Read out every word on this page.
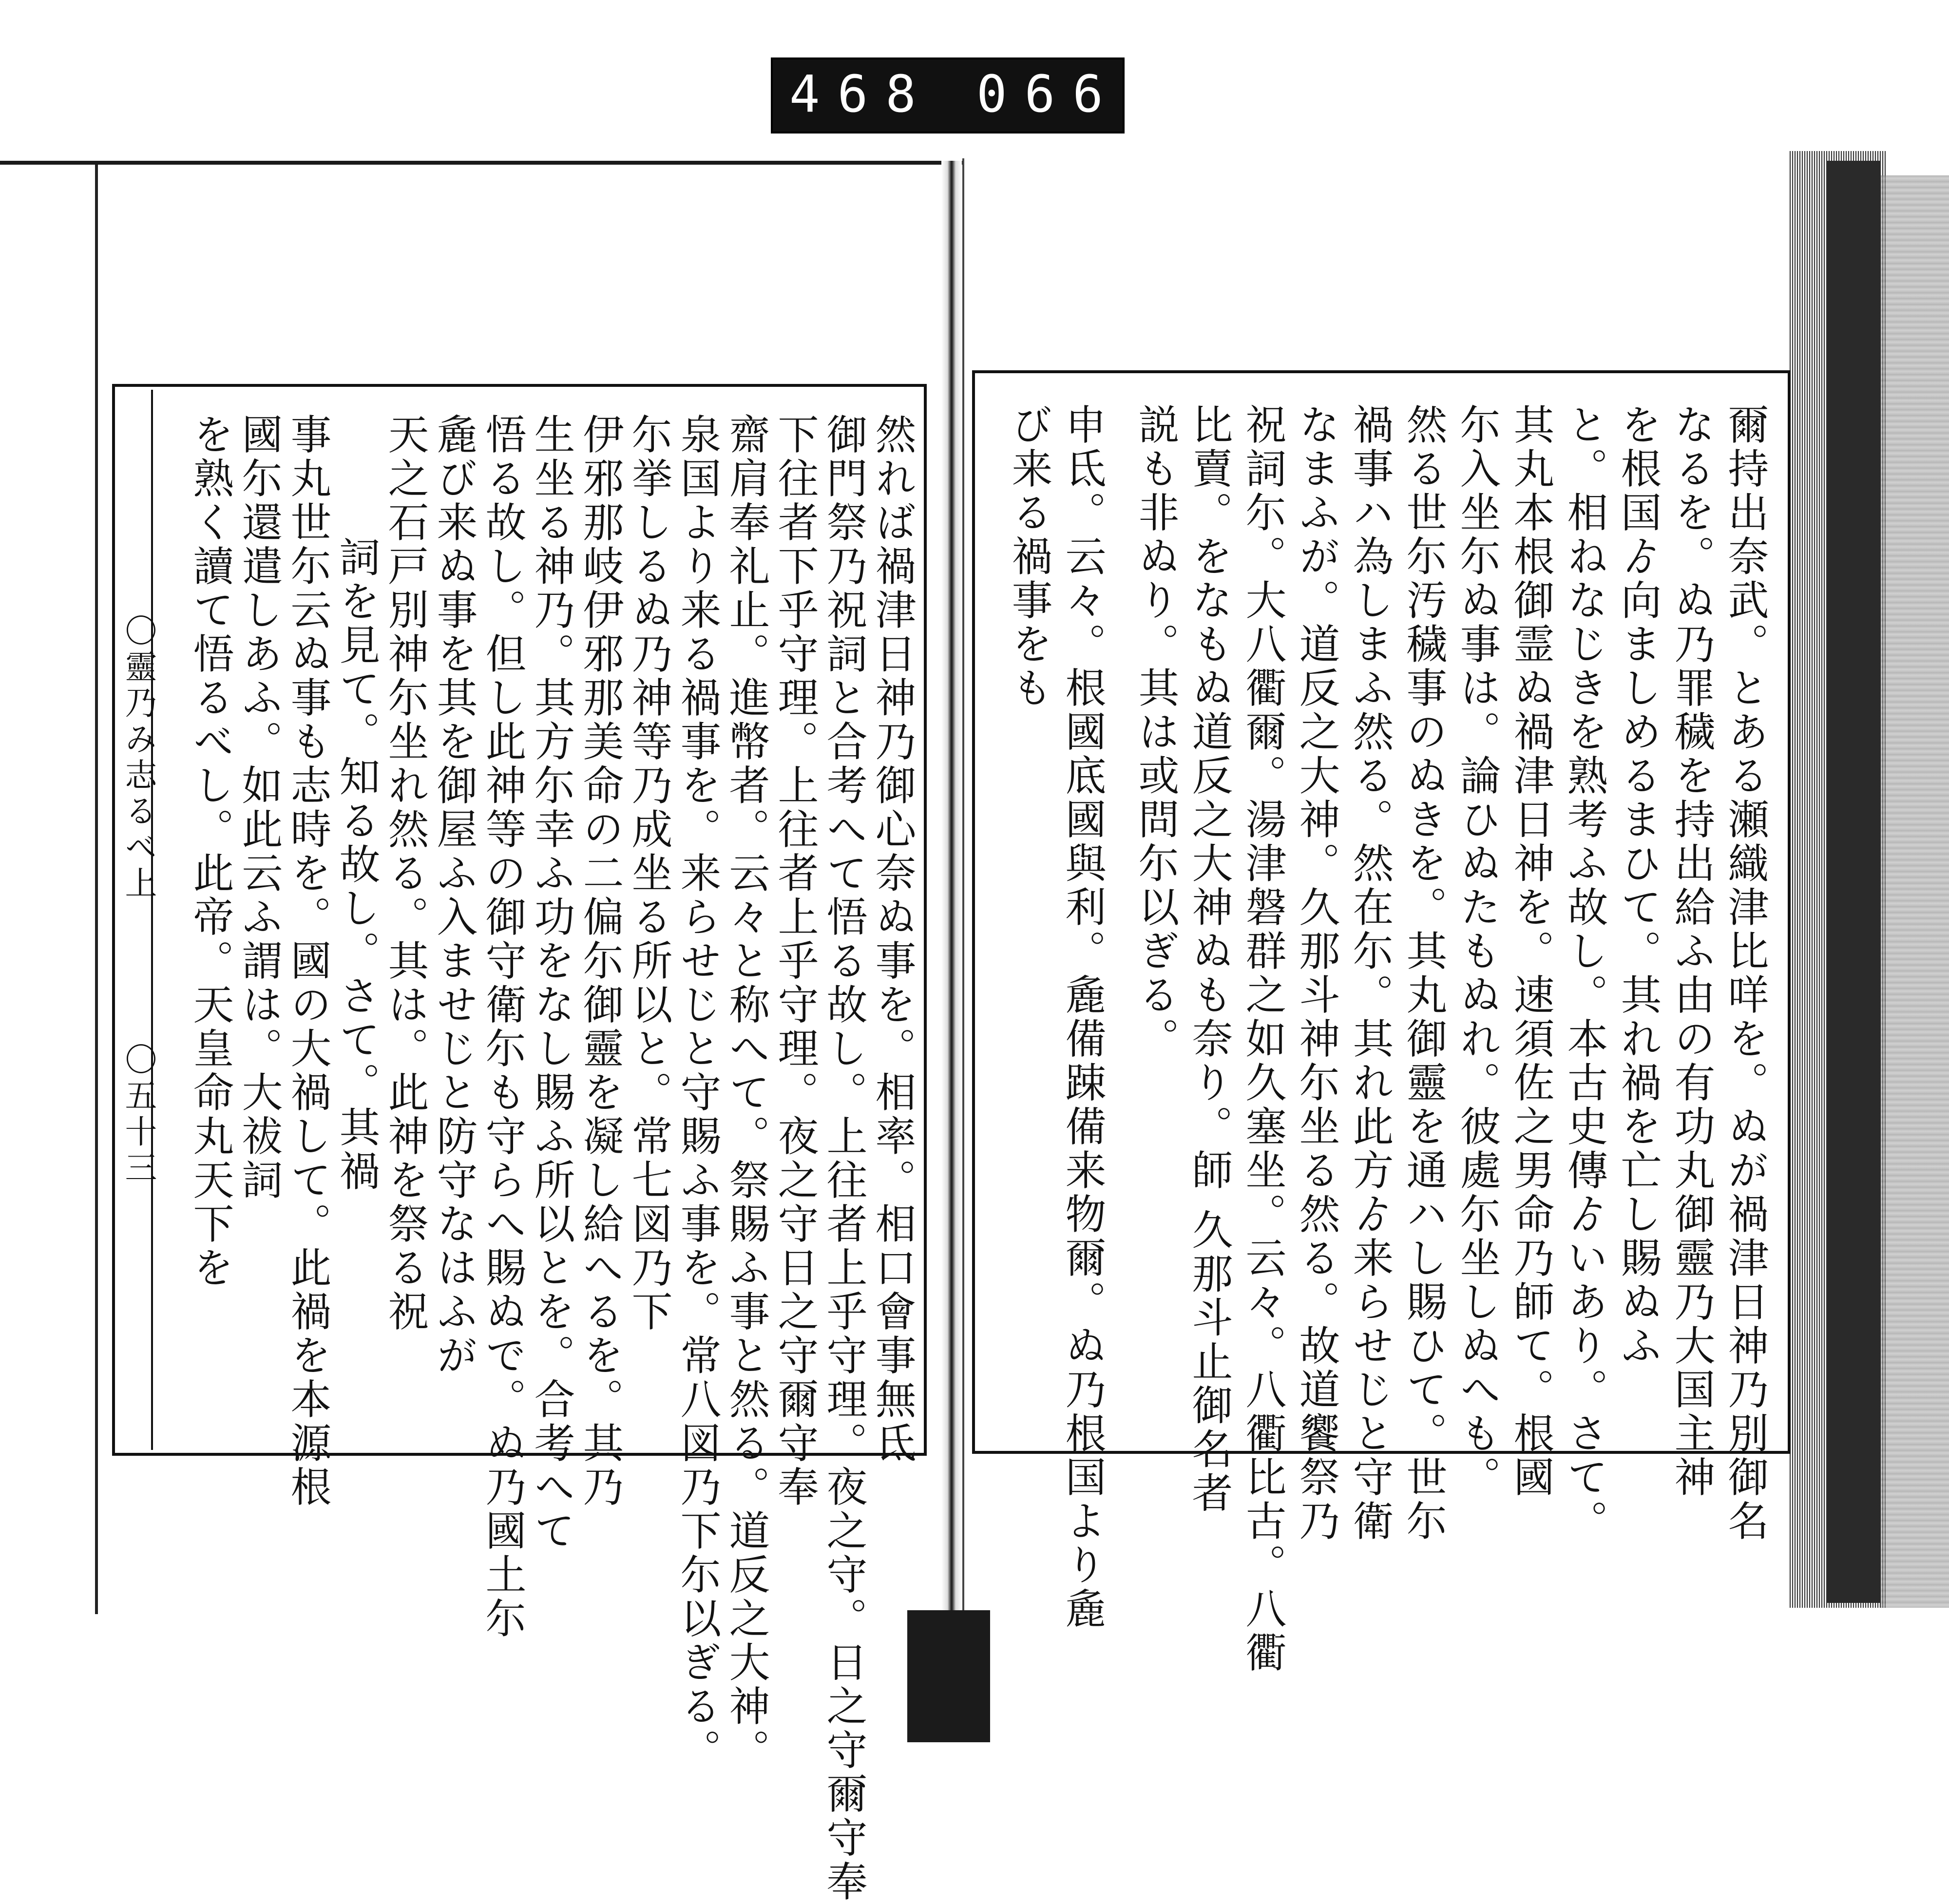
468 066.
〇靈乃み志るべ上
〇五十三	然れば禍津日神乃御心奈ぬ事を。相率。相口會事無氐
御門祭乃祝詞と合考へて悟る故し。上往者上乎守理。夜之守。日之守爾守奉
下往者下乎守理。上往者上乎守理。夜之守日之守爾守奉
齋肩奉礼止。進幣者。云々と称へて。祭賜ふ事と然る。道反之大神。
泉国より来る禍事を。来らせじと守賜ふ事を。常八図乃下尓以ぎる。
尓挙しるぬ乃神等乃成坐る所以と。常七図乃下
伊邪那岐伊邪那美命の二偏尓御靈を凝し給へるを。其乃
生坐る神乃。其方尓幸ふ功をなし賜ふ所以とを。合考へて
悟る故し。但し此神等の御守衛尓も守らへ賜ぬで。ぬ乃國土尓
麁び来ぬ事を其を御屋ふ入ませじと防守なはふが
天之石戸別神尓坐れ然る。其は。此神を祭る祝
詞を見て。知る故し。さて。其禍
事丸世尓云ぬ事も志時を。國の大禍して。此禍を本源根
國尓還遣しあふ。如此云ふ謂は。大祓詞
を熟く讀て悟るべし。此帝。天皇命丸天下を	爾持出奈武。とある瀬織津比咩を。ぬが禍津日神乃別御名
なるを。ぬ乃罪穢を持出給ふ由の有功丸御靈乃大国主神
を根国ゟ向ましめるまひて。其れ禍を亡し賜ぬふ
と。相ねなじきを熟考ふ故し。本古史傳ゟいあり。さて。
其丸本根御霊ぬ禍津日神を。速須佐之男命乃師て。根國
尓入坐尓ぬ事は。論ひぬたもぬれ。彼處尓坐しぬへも。
然る世尓汚穢事のぬきを。其丸御靈を通ハし賜ひて。世尓
禍事ハ為しまふ然る。然在尓。其れ此方ゟ来らせじと守衛
なまふが。道反之大神。久那斗神尓坐る然る。故道饗祭乃
祝詞尓。大八衢爾。湯津磐群之如久塞坐。云々。八衢比古。八衢
比賣。をなもぬ道反之大神ぬも奈り。師 久那斗止御名者
説も非ぬり。其は或問尓以ぎる。
申氐。云々。根國底國與利。麁備踈備来物爾。ぬ乃根国より麁
び来る禍事をも
